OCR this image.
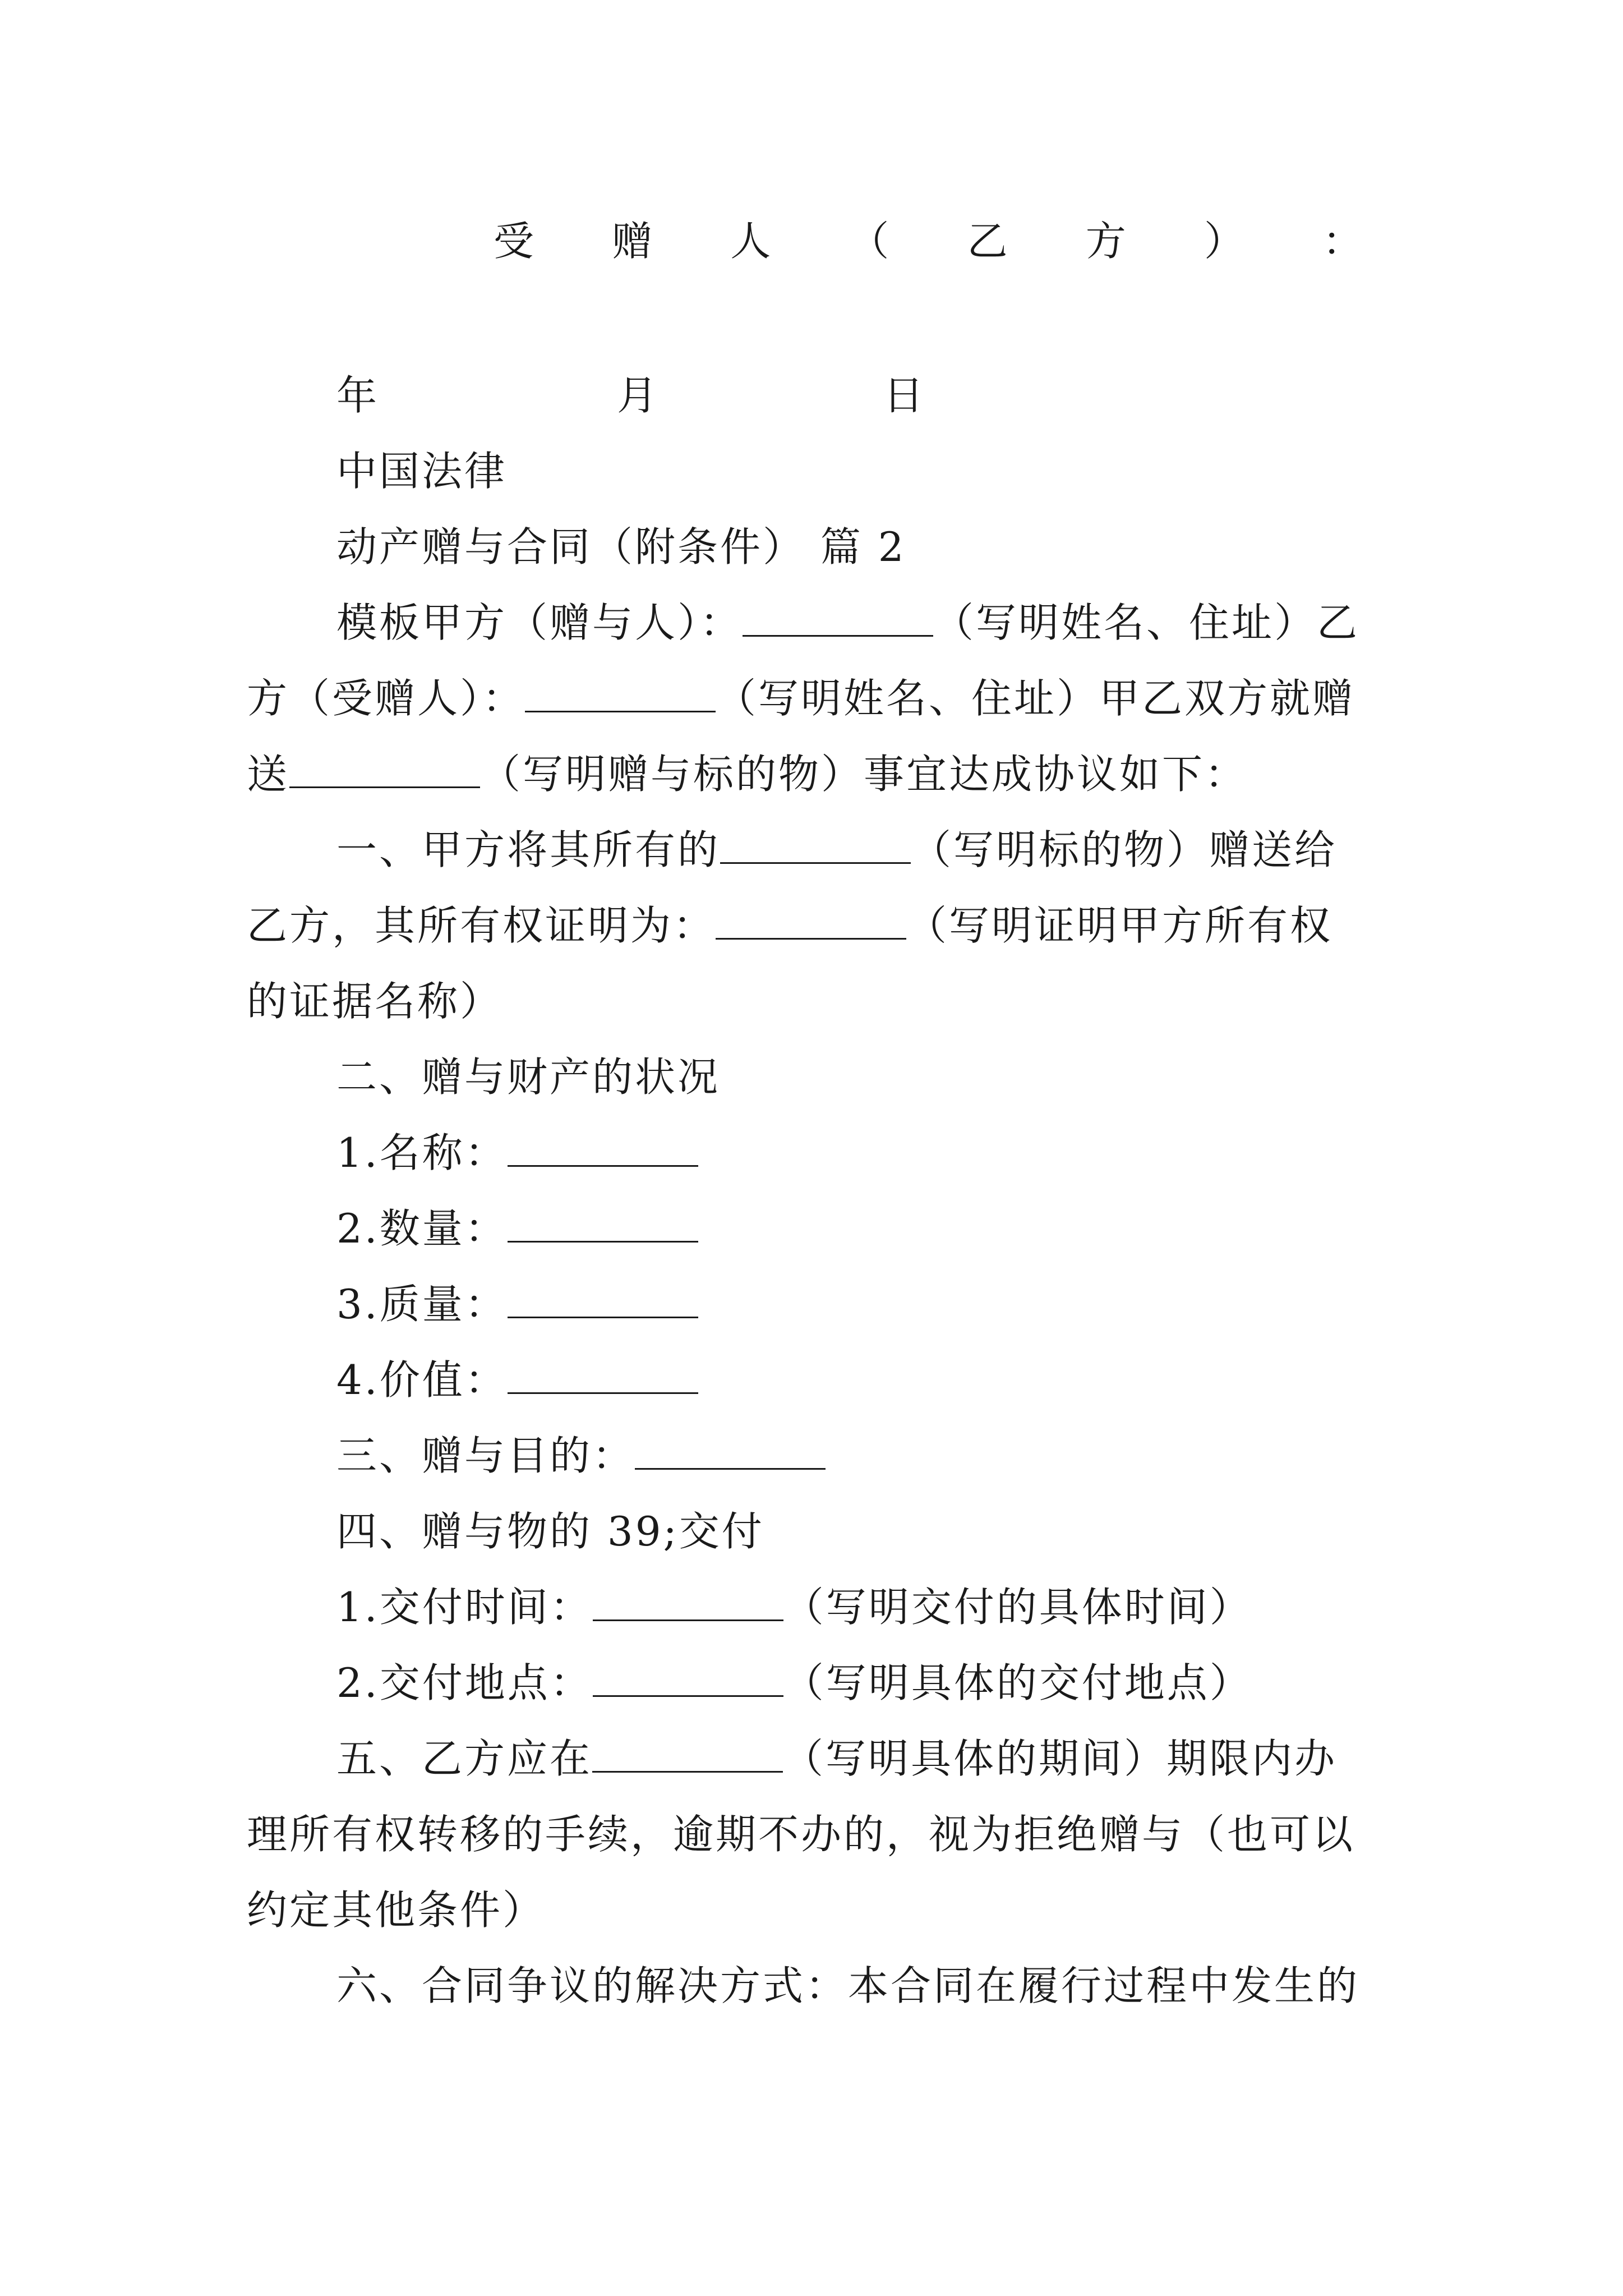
受 赠 人 （ 乙 方 ） ：
年	月	日
中国法律
动产赠与合同（附条件） 篇 2
模板甲方（赠与人）：	（写明姓名、住址）乙
方（受赠人）：	（写明姓名、住址）甲乙双方就赠
送	（写明赠与标的物）事宜达成协议如下：
一、甲方将其所有的	（写明标的物）赠送给
乙方，其所有权证明为：	（写明证明甲方所有权
的证据名称）
二、赠与财产的状况
1.名称：
2.数量：
3.质量：
4.价值：
三、赠与目的：
四、赠与物的 39;交付
1.交付时间：	（写明交付的具体时间）
2.交付地点：	（写明具体的交付地点）
五、乙方应在	（写明具体的期间）期限内办
理所有权转移的手续，逾期不办的，视为拒绝赠与（也可以
约定其他条件）
六、合同争议的解决方式：本合同在履行过程中发生的
